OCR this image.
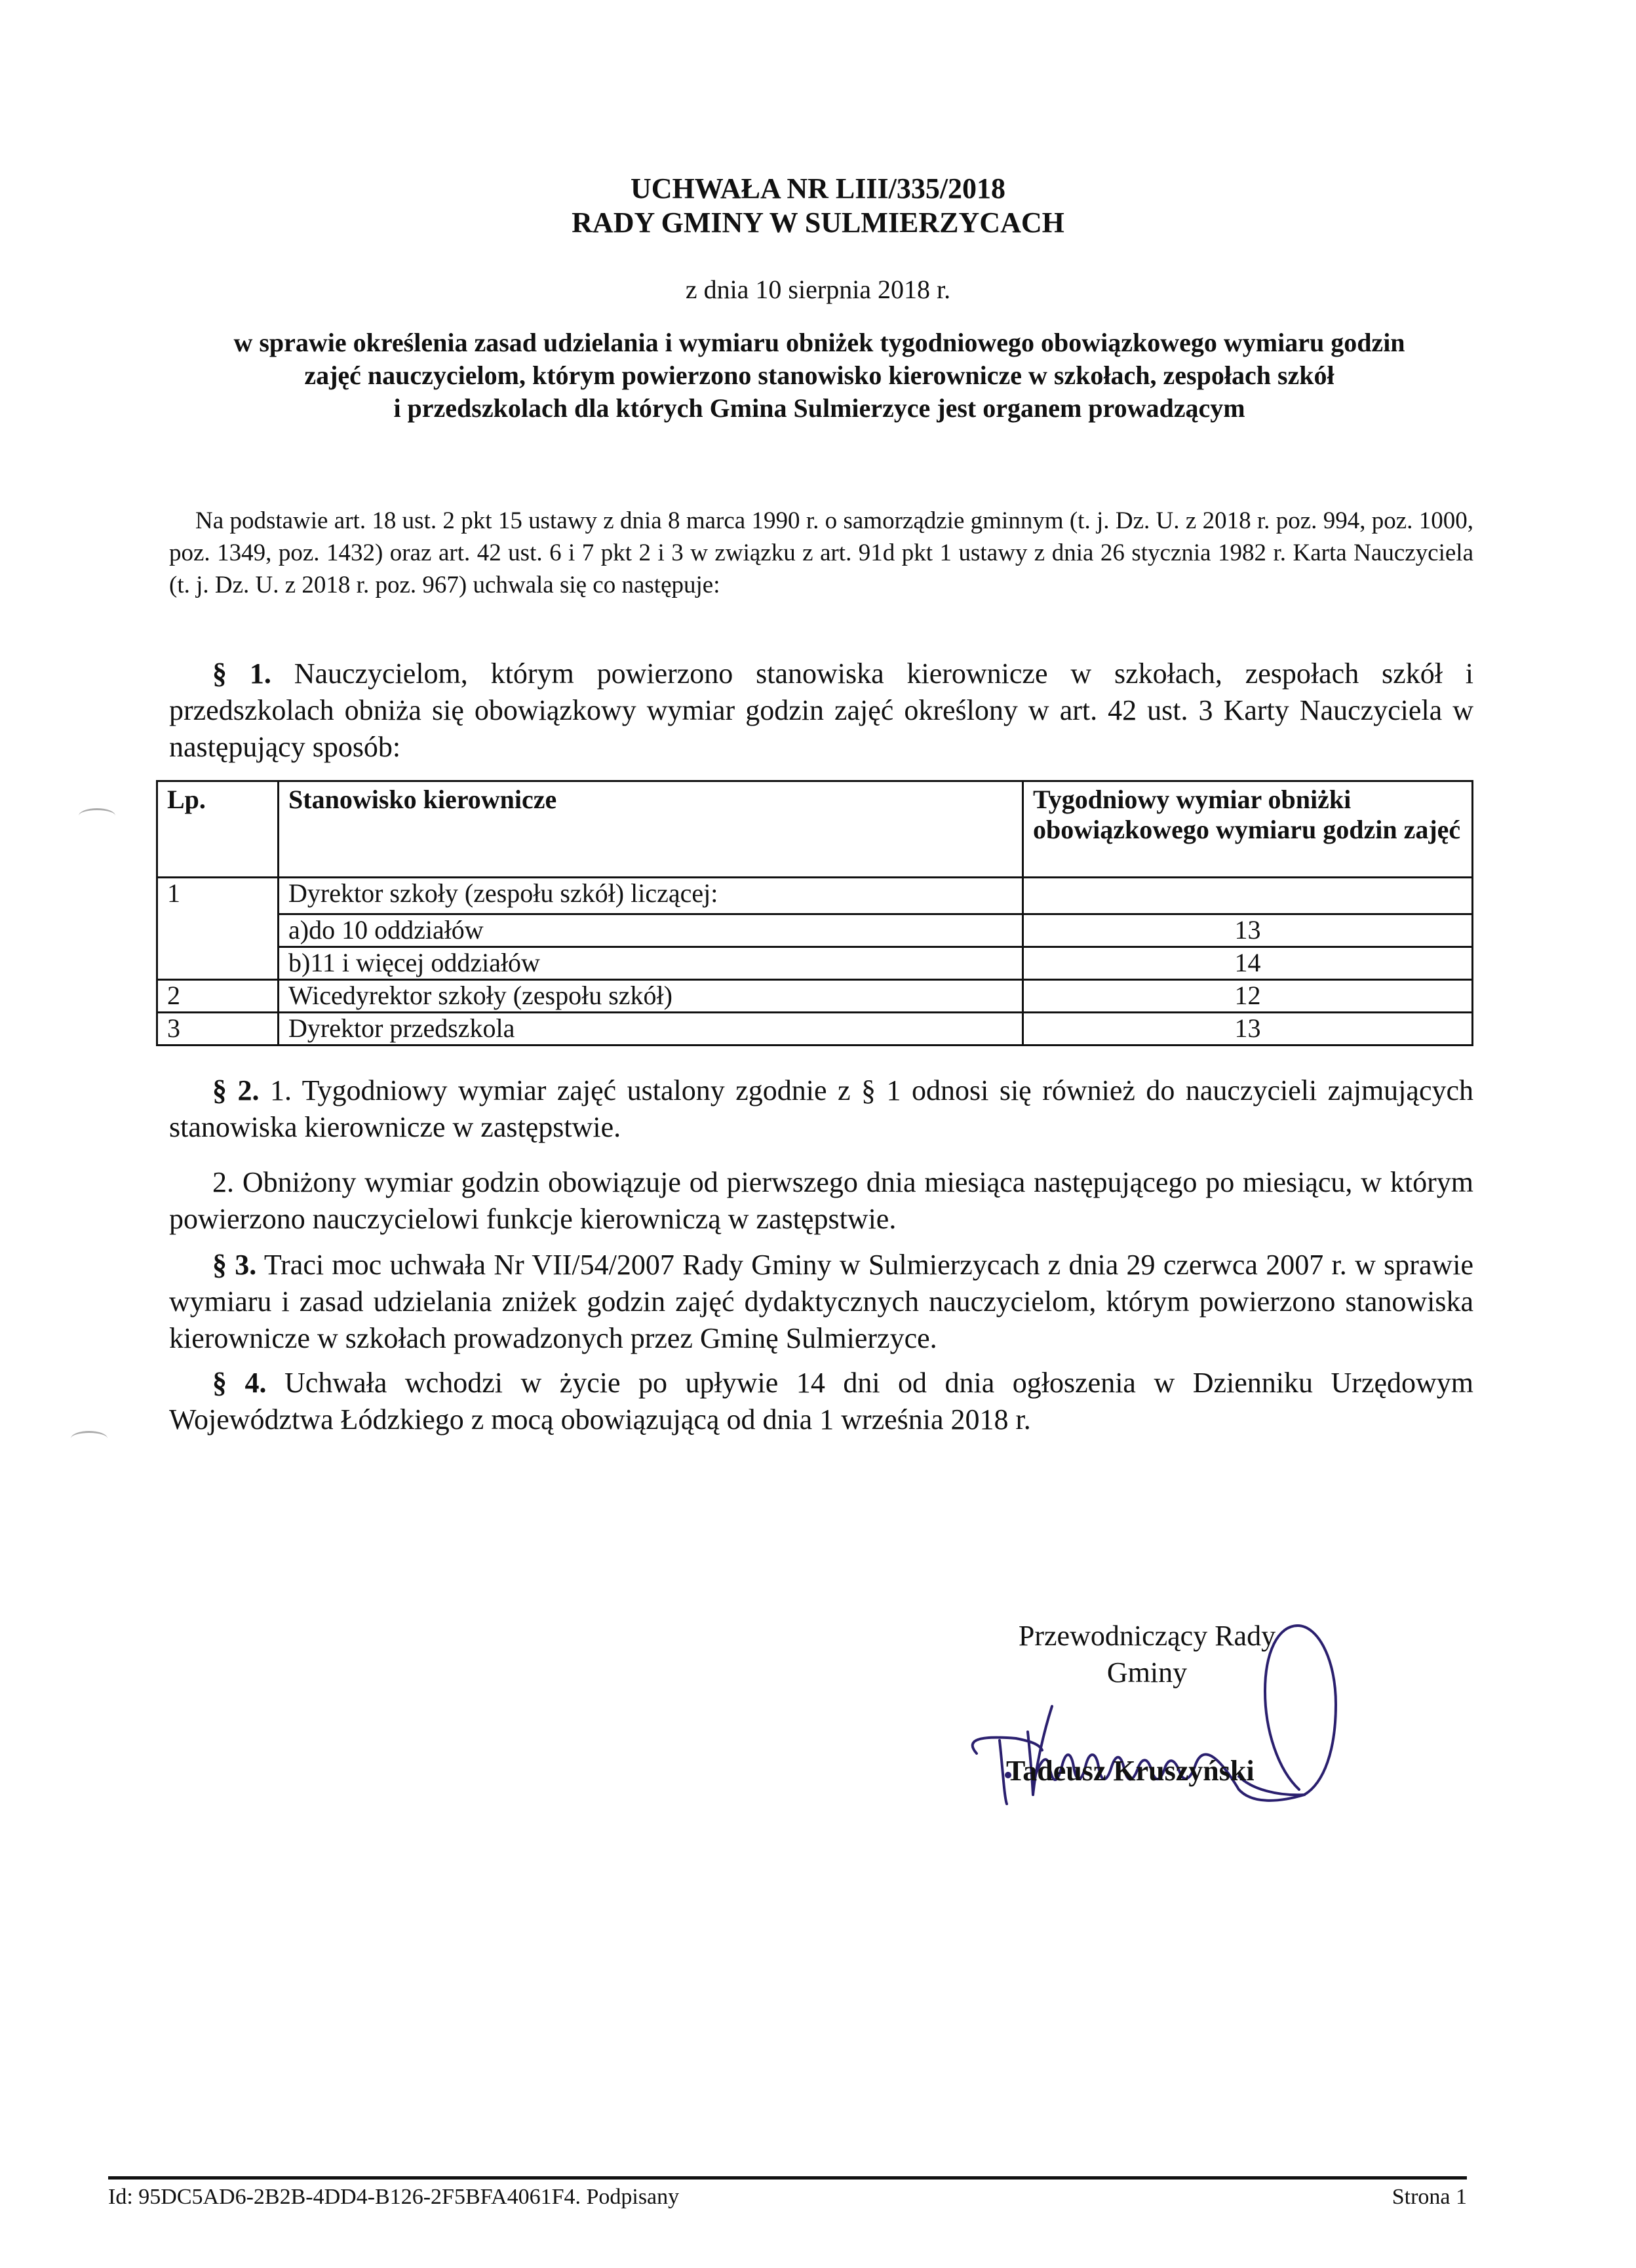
UCHWAŁA NR LIII/335/2018
RADY GMINY W SULMIERZYCACH
z dnia 10 sierpnia 2018 r.
w sprawie określenia zasad udzielania i wymiaru obniżek tygodniowego obowiązkowego wymiaru godzin
zajęć nauczycielom, którym powierzono stanowisko kierownicze w szkołach, zespołach szkół
i przedszkolach dla których Gmina Sulmierzyce jest organem prowadzącym
Na podstawie art. 18 ust. 2 pkt 15 ustawy z dnia 8 marca 1990 r. o samorządzie gminnym (t. j. Dz. U. z 2018 r. poz. 994, poz. 1000, poz. 1349, poz. 1432) oraz art. 42 ust. 6 i 7 pkt 2 i 3 w związku z art. 91d pkt 1 ustawy z dnia 26 stycznia 1982 r. Karta Nauczyciela (t. j. Dz. U. z 2018 r. poz. 967) uchwala się co następuje:
§ 1. Nauczycielom, którym powierzono stanowiska kierownicze w szkołach, zespołach szkół i przedszkolach obniża się obowiązkowy wymiar godzin zajęć określony w art. 42 ust. 3 Karty Nauczyciela w następujący sposób:
Lp.	Stanowisko kierownicze	Tygodniowy wymiar obniżki obowiązkowego wymiaru godzin zajęć
1	Dyrektor szkoły (zespołu szkół) liczącej:	
	a)do 10 oddziałów	13
	b)11 i więcej oddziałów	14
2	Wicedyrektor szkoły (zespołu szkół)	12
3	Dyrektor przedszkola	13
§ 2. 1. Tygodniowy wymiar zajęć ustalony zgodnie z § 1 odnosi się również do nauczycieli zajmujących stanowiska kierownicze w zastępstwie.
2. Obniżony wymiar godzin obowiązuje od pierwszego dnia miesiąca następującego po miesiącu, w którym powierzono nauczycielowi funkcje kierowniczą w zastępstwie.
§ 3. Traci moc uchwała Nr VII/54/2007 Rady Gminy w Sulmierzycach z dnia 29 czerwca 2007 r. w sprawie wymiaru i zasad udzielania zniżek godzin zajęć dydaktycznych nauczycielom, którym powierzono stanowiska kierownicze w szkołach prowadzonych przez Gminę Sulmierzyce.
§ 4. Uchwała wchodzi w życie po upływie 14 dni od dnia ogłoszenia w Dzienniku Urzędowym Województwa Łódzkiego z mocą obowiązującą od dnia 1 września 2018 r.
Przewodniczący Rady
Gminy
Tadeusz Kruszyński
Id: 95DC5AD6-2B2B-4DD4-B126-2F5BFA4061F4. Podpisany	Strona 1
